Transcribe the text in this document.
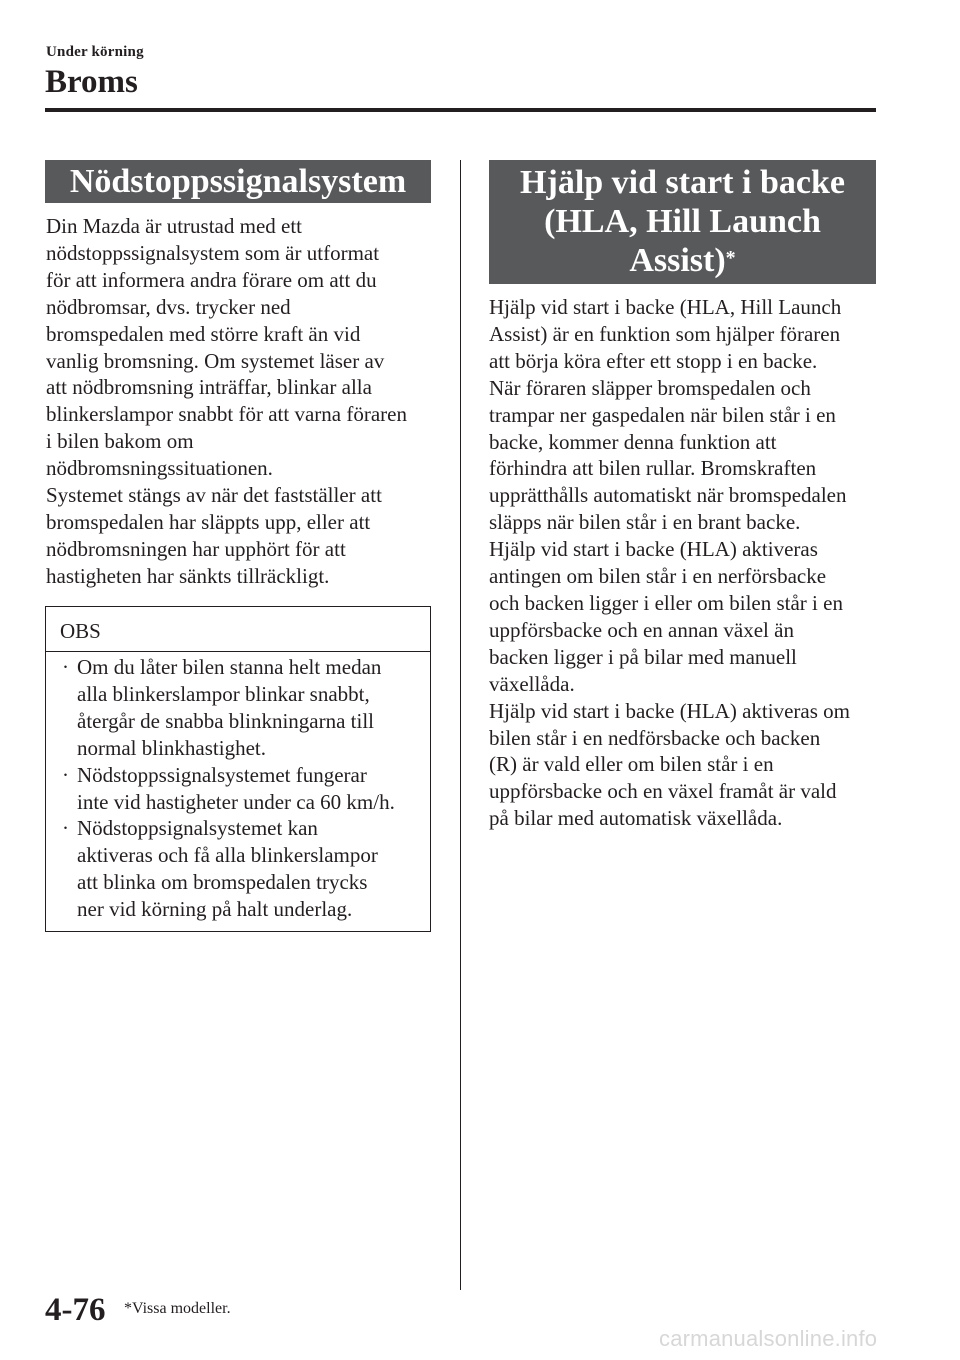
Under körning
Broms
Nödstoppssignalsystem
Din Mazda är utrustad med ett
nödstoppssignalsystem som är utformat
för att informera andra förare om att du
nödbromsar, dvs. trycker ned
bromspedalen med större kraft än vid
vanlig bromsning. Om systemet läser av
att nödbromsning inträffar, blinkar alla
blinkerslampor snabbt för att varna föraren
i bilen bakom om
nödbromsningssituationen.
Systemet stängs av när det fastställer att
bromspedalen har släppts upp, eller att
nödbromsningen har upphört för att
hastigheten har sänkts tillräckligt.
OBS
· Om du låter bilen stanna helt medan
alla blinkerslampor blinkar snabbt,
återgår de snabba blinkningarna till
normal blinkhastighet.
· Nödstoppssignalsystemet fungerar
inte vid hastigheter under ca 60 km/h.
· Nödstoppsignalsystemet kan
aktiveras och få alla blinkerslampor
att blinka om bromspedalen trycks
ner vid körning på halt underlag.
Hjälp vid start i backe
(HLA, Hill Launch
Assist)*
Hjälp vid start i backe (HLA, Hill Launch
Assist) är en funktion som hjälper föraren
att börja köra efter ett stopp i en backe.
När föraren släpper bromspedalen och
trampar ner gaspedalen när bilen står i en
backe, kommer denna funktion att
förhindra att bilen rullar. Bromskraften
upprätthålls automatiskt när bromspedalen
släpps när bilen står i en brant backe.
Hjälp vid start i backe (HLA) aktiveras
antingen om bilen står i en nerförsbacke
och backen ligger i eller om bilen står i en
uppförsbacke och en annan växel än
backen ligger i på bilar med manuell
växellåda.
Hjälp vid start i backe (HLA) aktiveras om
bilen står i en nedförsbacke och backen
(R) är vald eller om bilen står i en
uppförsbacke och en växel framåt är vald
på bilar med automatisk växellåda.
4-76 *Vissa modeller.
carmanualsonline.info
